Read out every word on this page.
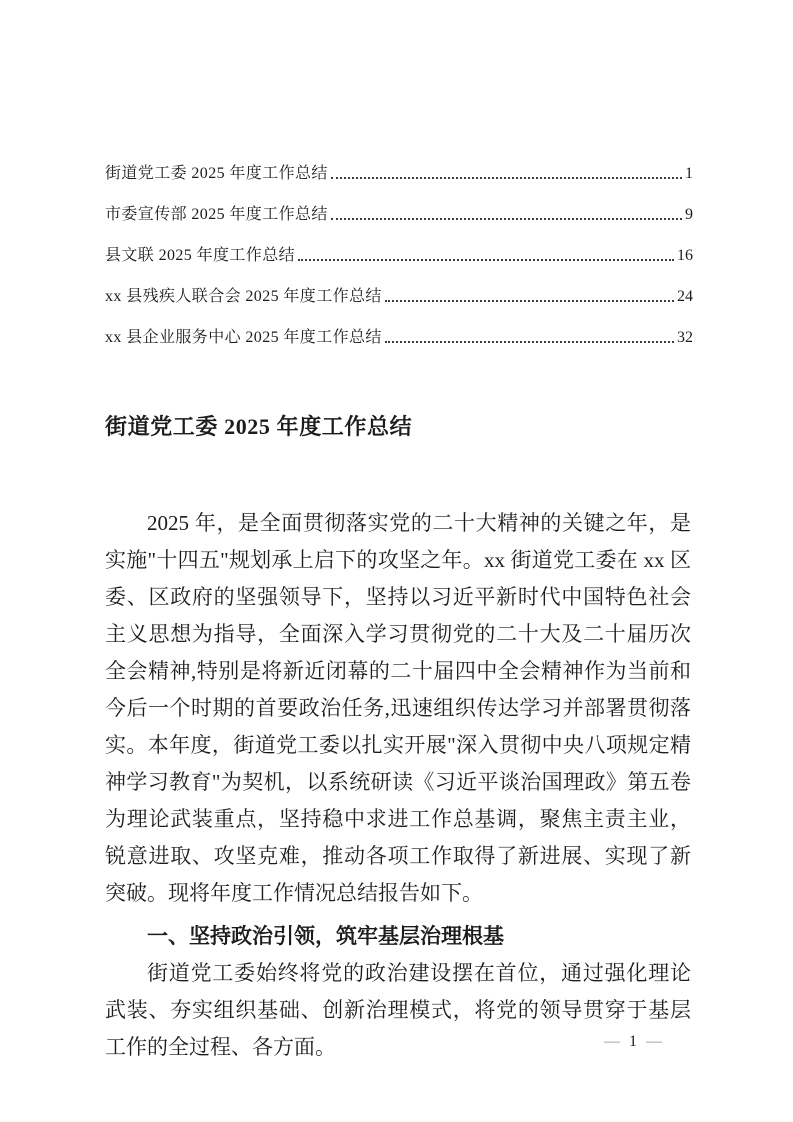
街道党工委 2025 年度工作总结	1
市委宣传部 2025 年度工作总结	9
县文联 2025 年度工作总结	16
xx 县残疾人联合会 2025 年度工作总结	24
xx 县企业服务中心 2025 年度工作总结	32
街道党工委 2025 年度工作总结

2025 年，是全面贯彻落实党的二十大精神的关键之年，是实施"十四五"规划承上启下的攻坚之年。xx 街道党工委在 xx 区委、区政府的坚强领导下，坚持以习近平新时代中国特色社会主义思想为指导，全面深入学习贯彻党的二十大及二十届历次全会精神,特别是将新近闭幕的二十届四中全会精神作为当前和今后一个时期的首要政治任务,迅速组织传达学习并部署贯彻落实。本年度，街道党工委以扎实开展"深入贯彻中央八项规定精神学习教育"为契机，以系统研读《习近平谈治国理政》第五卷为理论武装重点，坚持稳中求进工作总基调，聚焦主责主业，锐意进取、攻坚克难，推动各项工作取得了新进展、实现了新突破。现将年度工作情况总结报告如下。

一、坚持政治引领，筑牢基层治理根基

街道党工委始终将党的政治建设摆在首位，通过强化理论武装、夯实组织基础、创新治理模式，将党的领导贯穿于基层工作的全过程、各方面。	— 1 —
